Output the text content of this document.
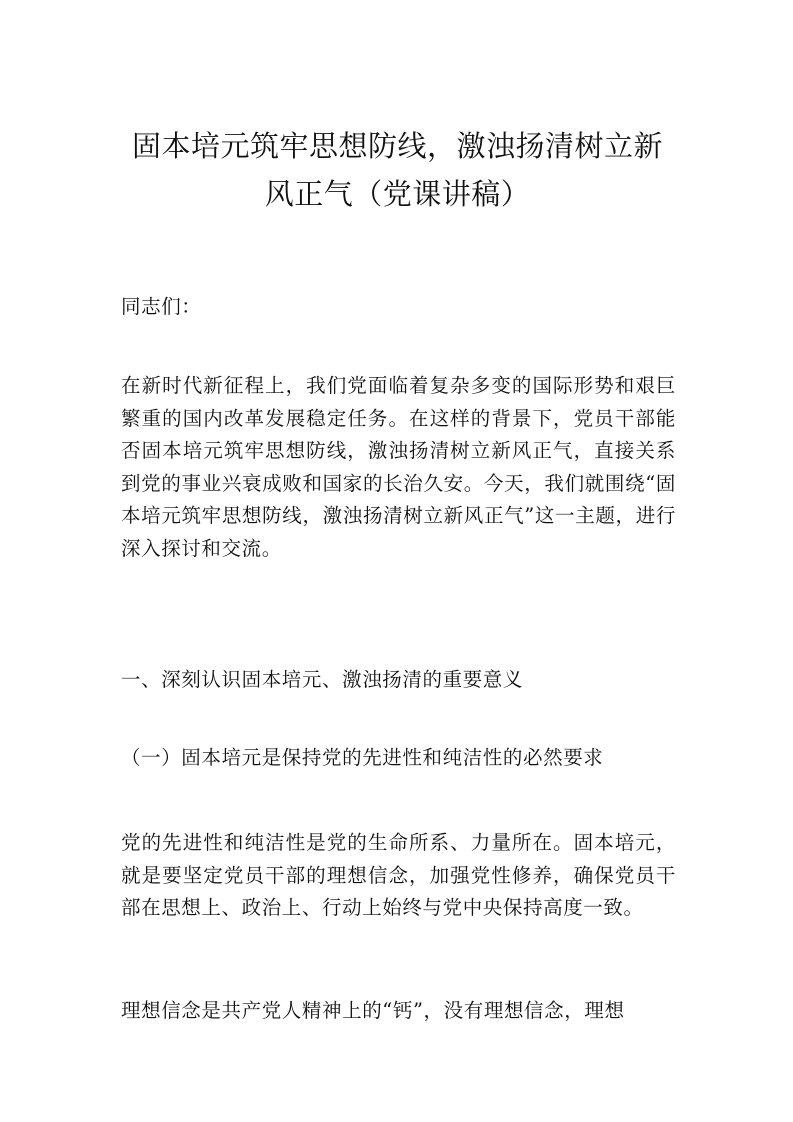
固本培元筑牢思想防线，激浊扬清树立新风正气（党课讲稿）

同志们：

在新时代新征程上，我们党面临着复杂多变的国际形势和艰巨繁重的国内改革发展稳定任务。在这样的背景下，党员干部能否固本培元筑牢思想防线，激浊扬清树立新风正气，直接关系到党的事业兴衰成败和国家的长治久安。今天，我们就围绕“固本培元筑牢思想防线，激浊扬清树立新风正气”这一主题，进行深入探讨和交流。

一、深刻认识固本培元、激浊扬清的重要意义

（一）固本培元是保持党的先进性和纯洁性的必然要求

党的先进性和纯洁性是党的生命所系、力量所在。固本培元，就是要坚定党员干部的理想信念，加强党性修养，确保党员干部在思想上、政治上、行动上始终与党中央保持高度一致。

理想信念是共产党人精神上的“钙”，没有理想信念，理想
